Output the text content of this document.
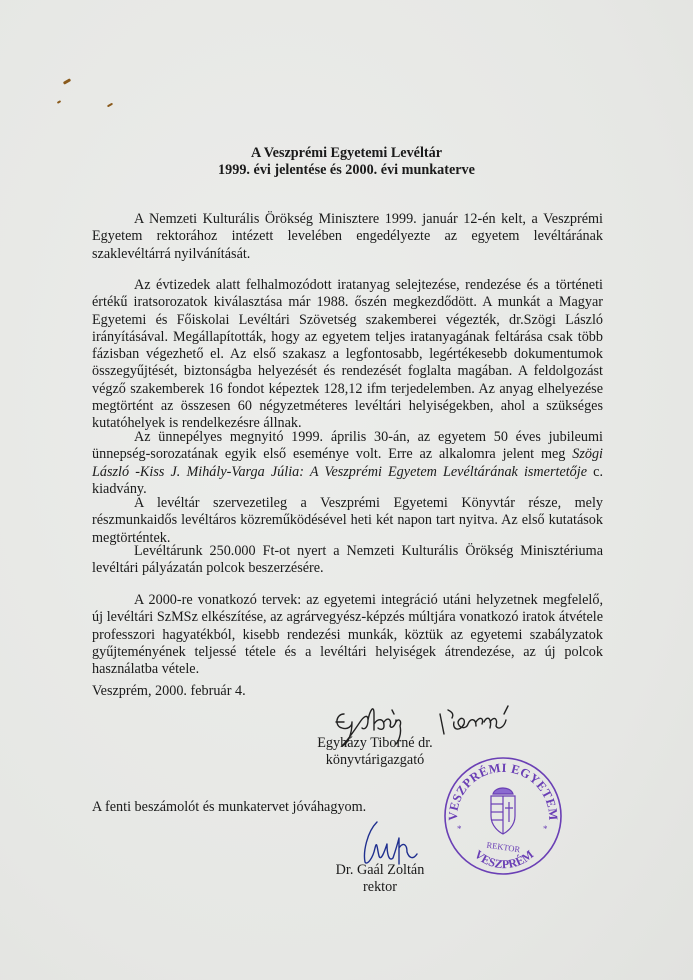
A Veszprémi Egyetemi Levéltár
1999. évi jelentése és 2000. évi munkaterve
A Nemzeti Kulturális Örökség Minisztere 1999. január 12-én kelt, a Veszprémi Egyetem rektorához intézett levelében engedélyezte az egyetem levéltárának szaklevéltárrá nyilvánítását.
Az évtizedek alatt felhalmozódott iratanyag selejtezése, rendezése és a történeti értékű iratsorozatok kiválasztása már 1988. őszén megkezdődött. A munkát a Magyar Egyetemi és Főiskolai Levéltári Szövetség szakemberei végezték, dr.Szögi László irányításával. Megállapították, hogy az egyetem teljes iratanyagának feltárása csak több fázisban végezhető el. Az első szakasz a legfontosabb, legértékesebb dokumentumok összegyűjtését, biztonságba helyezését és rendezését foglalta magában. A feldolgozást végző szakemberek 16 fondot képeztek 128,12 ifm terjedelemben. Az anyag elhelyezése megtörtént az összesen 60 négyzetméteres levéltári helyiségekben, ahol a szükséges kutatóhelyek is rendelkezésre állnak.
Az ünnepélyes megnyitó 1999. április 30-án, az egyetem 50 éves jubileumi ünnepség-sorozatának egyik első eseménye volt. Erre az alkalomra jelent meg Szögi László -Kiss J. Mihály-Varga Júlia: A Veszprémi Egyetem Levéltárának ismertetője c. kiadvány.
A levéltár szervezetileg a Veszprémi Egyetemi Könyvtár része, mely részmunkaidős levéltáros közreműködésével heti két napon tart nyitva. Az első kutatások megtörténtek.
Levéltárunk 250.000 Ft-ot nyert a Nemzeti Kulturális Örökség Minisztériuma levéltári pályázatán polcok beszerzésére.
A 2000-re vonatkozó tervek: az egyetemi integráció utáni helyzetnek megfelelő, új levéltári SzMSz elkészítése, az agrárvegyész-képzés múltjára vonatkozó iratok átvétele professzori hagyatékból, kisebb rendezési munkák, köztük az egyetemi szabályzatok gyűjteményének teljessé tétele és a levéltári helyiségek átrendezése, az új polcok használatba vétele.
Veszprém, 2000. február 4.
Egyházy Tiborné dr.
könyvtárigazgató
A fenti beszámolót és munkatervet jóváhagyom.
Dr. Gaál Zoltán
rektor
VESZPRÉMI EGYETEM
*	*
REKTOR
VESZPRÉM
